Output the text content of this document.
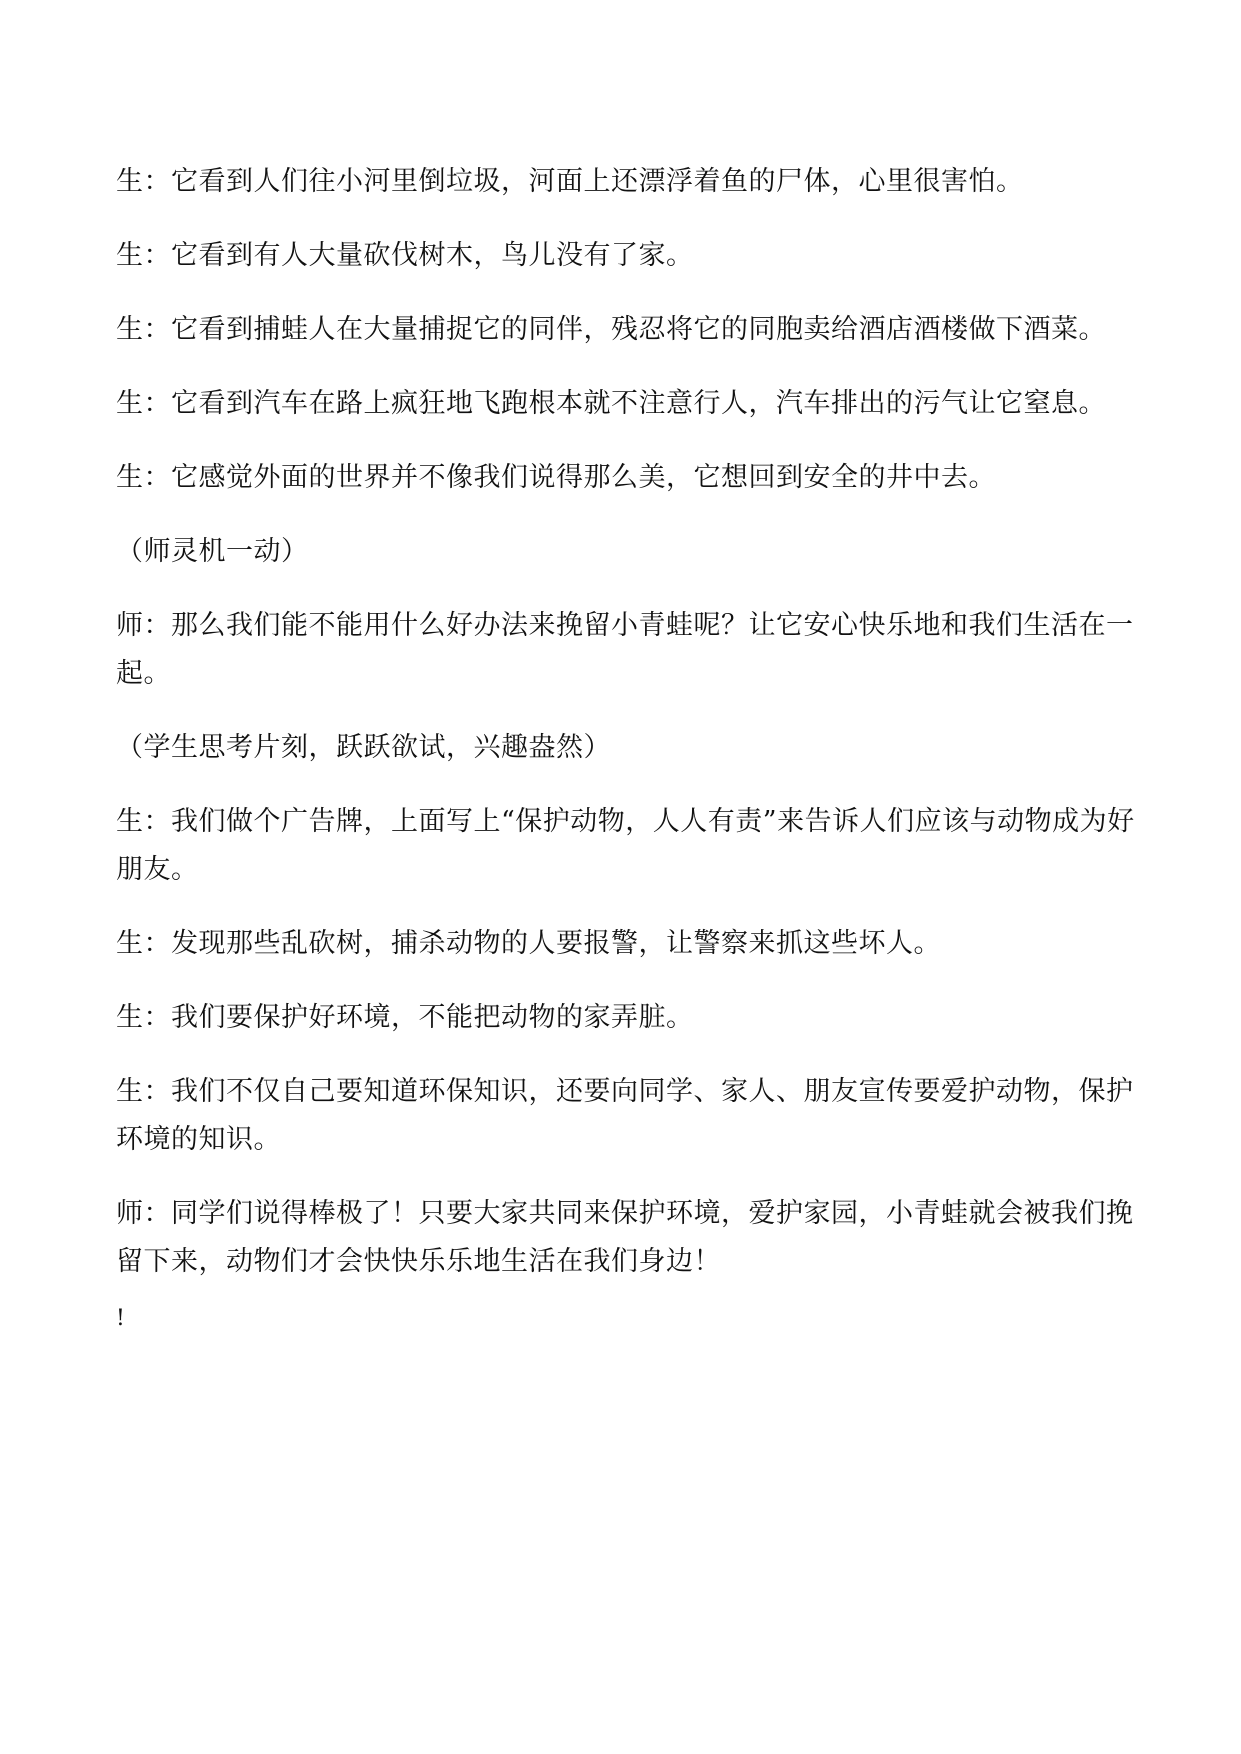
生：它看到人们往小河里倒垃圾，河面上还漂浮着鱼的尸体，心里很害怕。

生：它看到有人大量砍伐树木，鸟儿没有了家。

生：它看到捕蛙人在大量捕捉它的同伴，残忍将它的同胞卖给酒店酒楼做下酒菜。

生：它看到汽车在路上疯狂地飞跑根本就不注意行人，汽车排出的污气让它窒息。

生：它感觉外面的世界并不像我们说得那么美，它想回到安全的井中去。

（师灵机一动）

师：那么我们能不能用什么好办法来挽留小青蛙呢？让它安心快乐地和我们生活在一起。

（学生思考片刻，跃跃欲试，兴趣盎然）

生：我们做个广告牌，上面写上“保护动物，人人有责”来告诉人们应该与动物成为好朋友。

生：发现那些乱砍树，捕杀动物的人要报警，让警察来抓这些坏人。

生：我们要保护好环境，不能把动物的家弄脏。

生：我们不仅自己要知道环保知识，还要向同学、家人、朋友宣传要爱护动物，保护环境的知识。

师：同学们说得棒极了！只要大家共同来保护环境，爱护家园，小青蛙就会被我们挽留下来，动物们才会快快乐乐地生活在我们身边！

!
